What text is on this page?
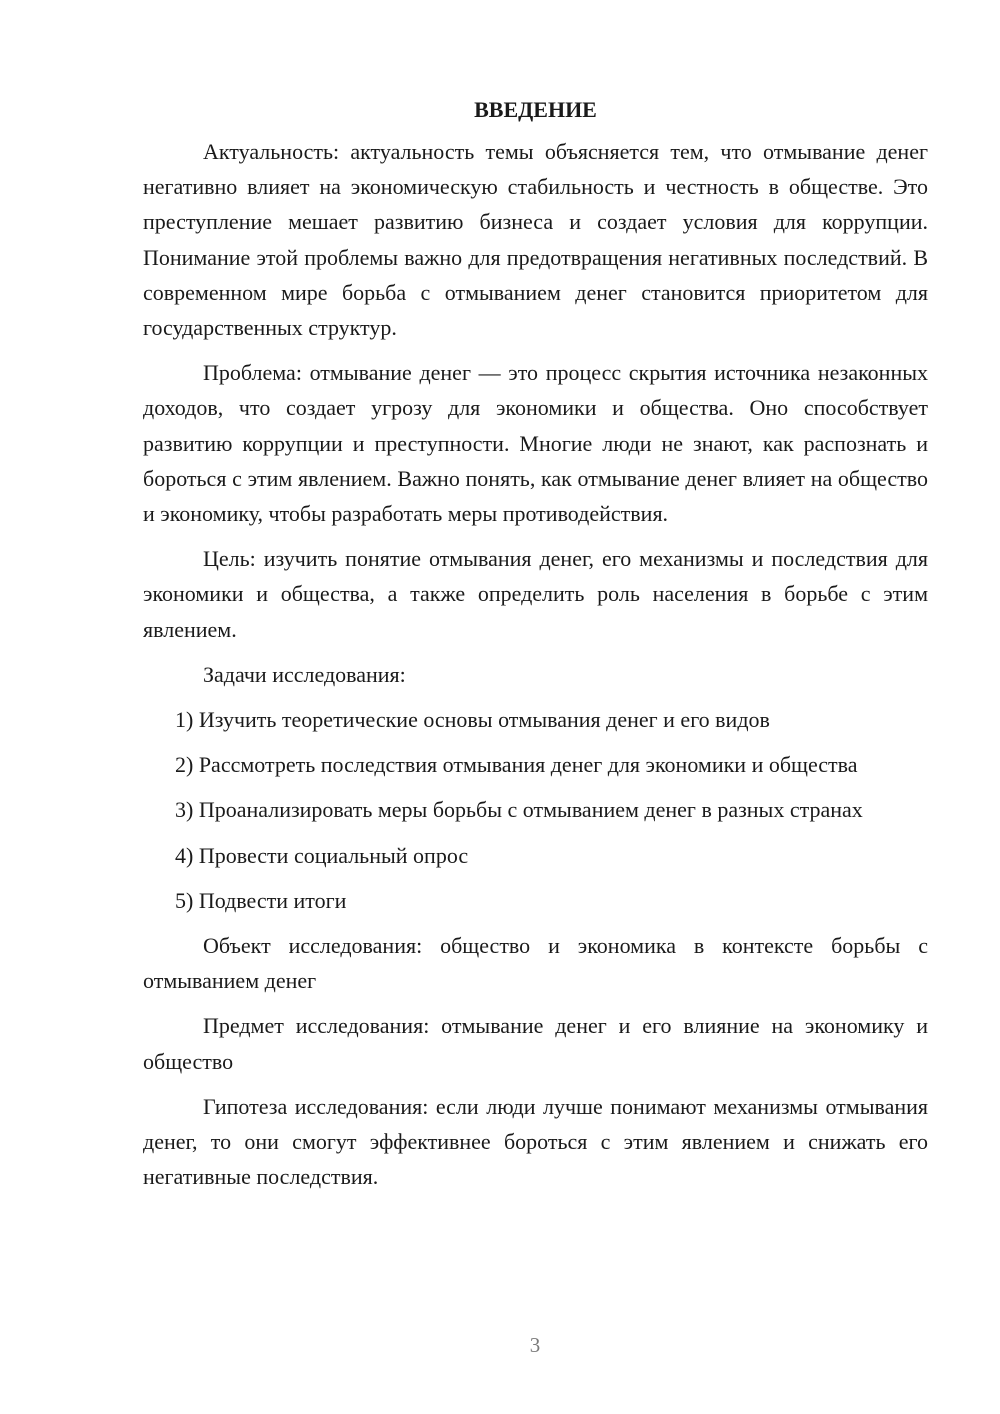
ВВЕДЕНИЕ

Актуальность: актуальность темы объясняется тем, что отмывание денег негативно влияет на экономическую стабильность и честность в обществе. Это преступление мешает развитию бизнеса и создает условия для коррупции. Понимание этой проблемы важно для предотвращения негативных последствий. В современном мире борьба с отмыванием денег становится приоритетом для государственных структур.

Проблема: отмывание денег — это процесс скрытия источника незаконных доходов, что создает угрозу для экономики и общества. Оно способствует развитию коррупции и преступности. Многие люди не знают, как распознать и бороться с этим явлением. Важно понять, как отмывание денег влияет на общество и экономику, чтобы разработать меры противодействия.

Цель: изучить понятие отмывания денег, его механизмы и последствия для экономики и общества, а также определить роль населения в борьбе с этим явлением.

Задачи исследования:

1) Изучить теоретические основы отмывания денег и его видов

2) Рассмотреть последствия отмывания денег для экономики и общества

3) Проанализировать меры борьбы с отмыванием денег в разных странах

4) Провести социальный опрос

5) Подвести итоги

Объект исследования: общество и экономика в контексте борьбы с отмыванием денег

Предмет исследования: отмывание денег и его влияние на экономику и общество

Гипотеза исследования: если люди лучше понимают механизмы отмывания денег, то они смогут эффективнее бороться с этим явлением и снижать его негативные последствия.

3
